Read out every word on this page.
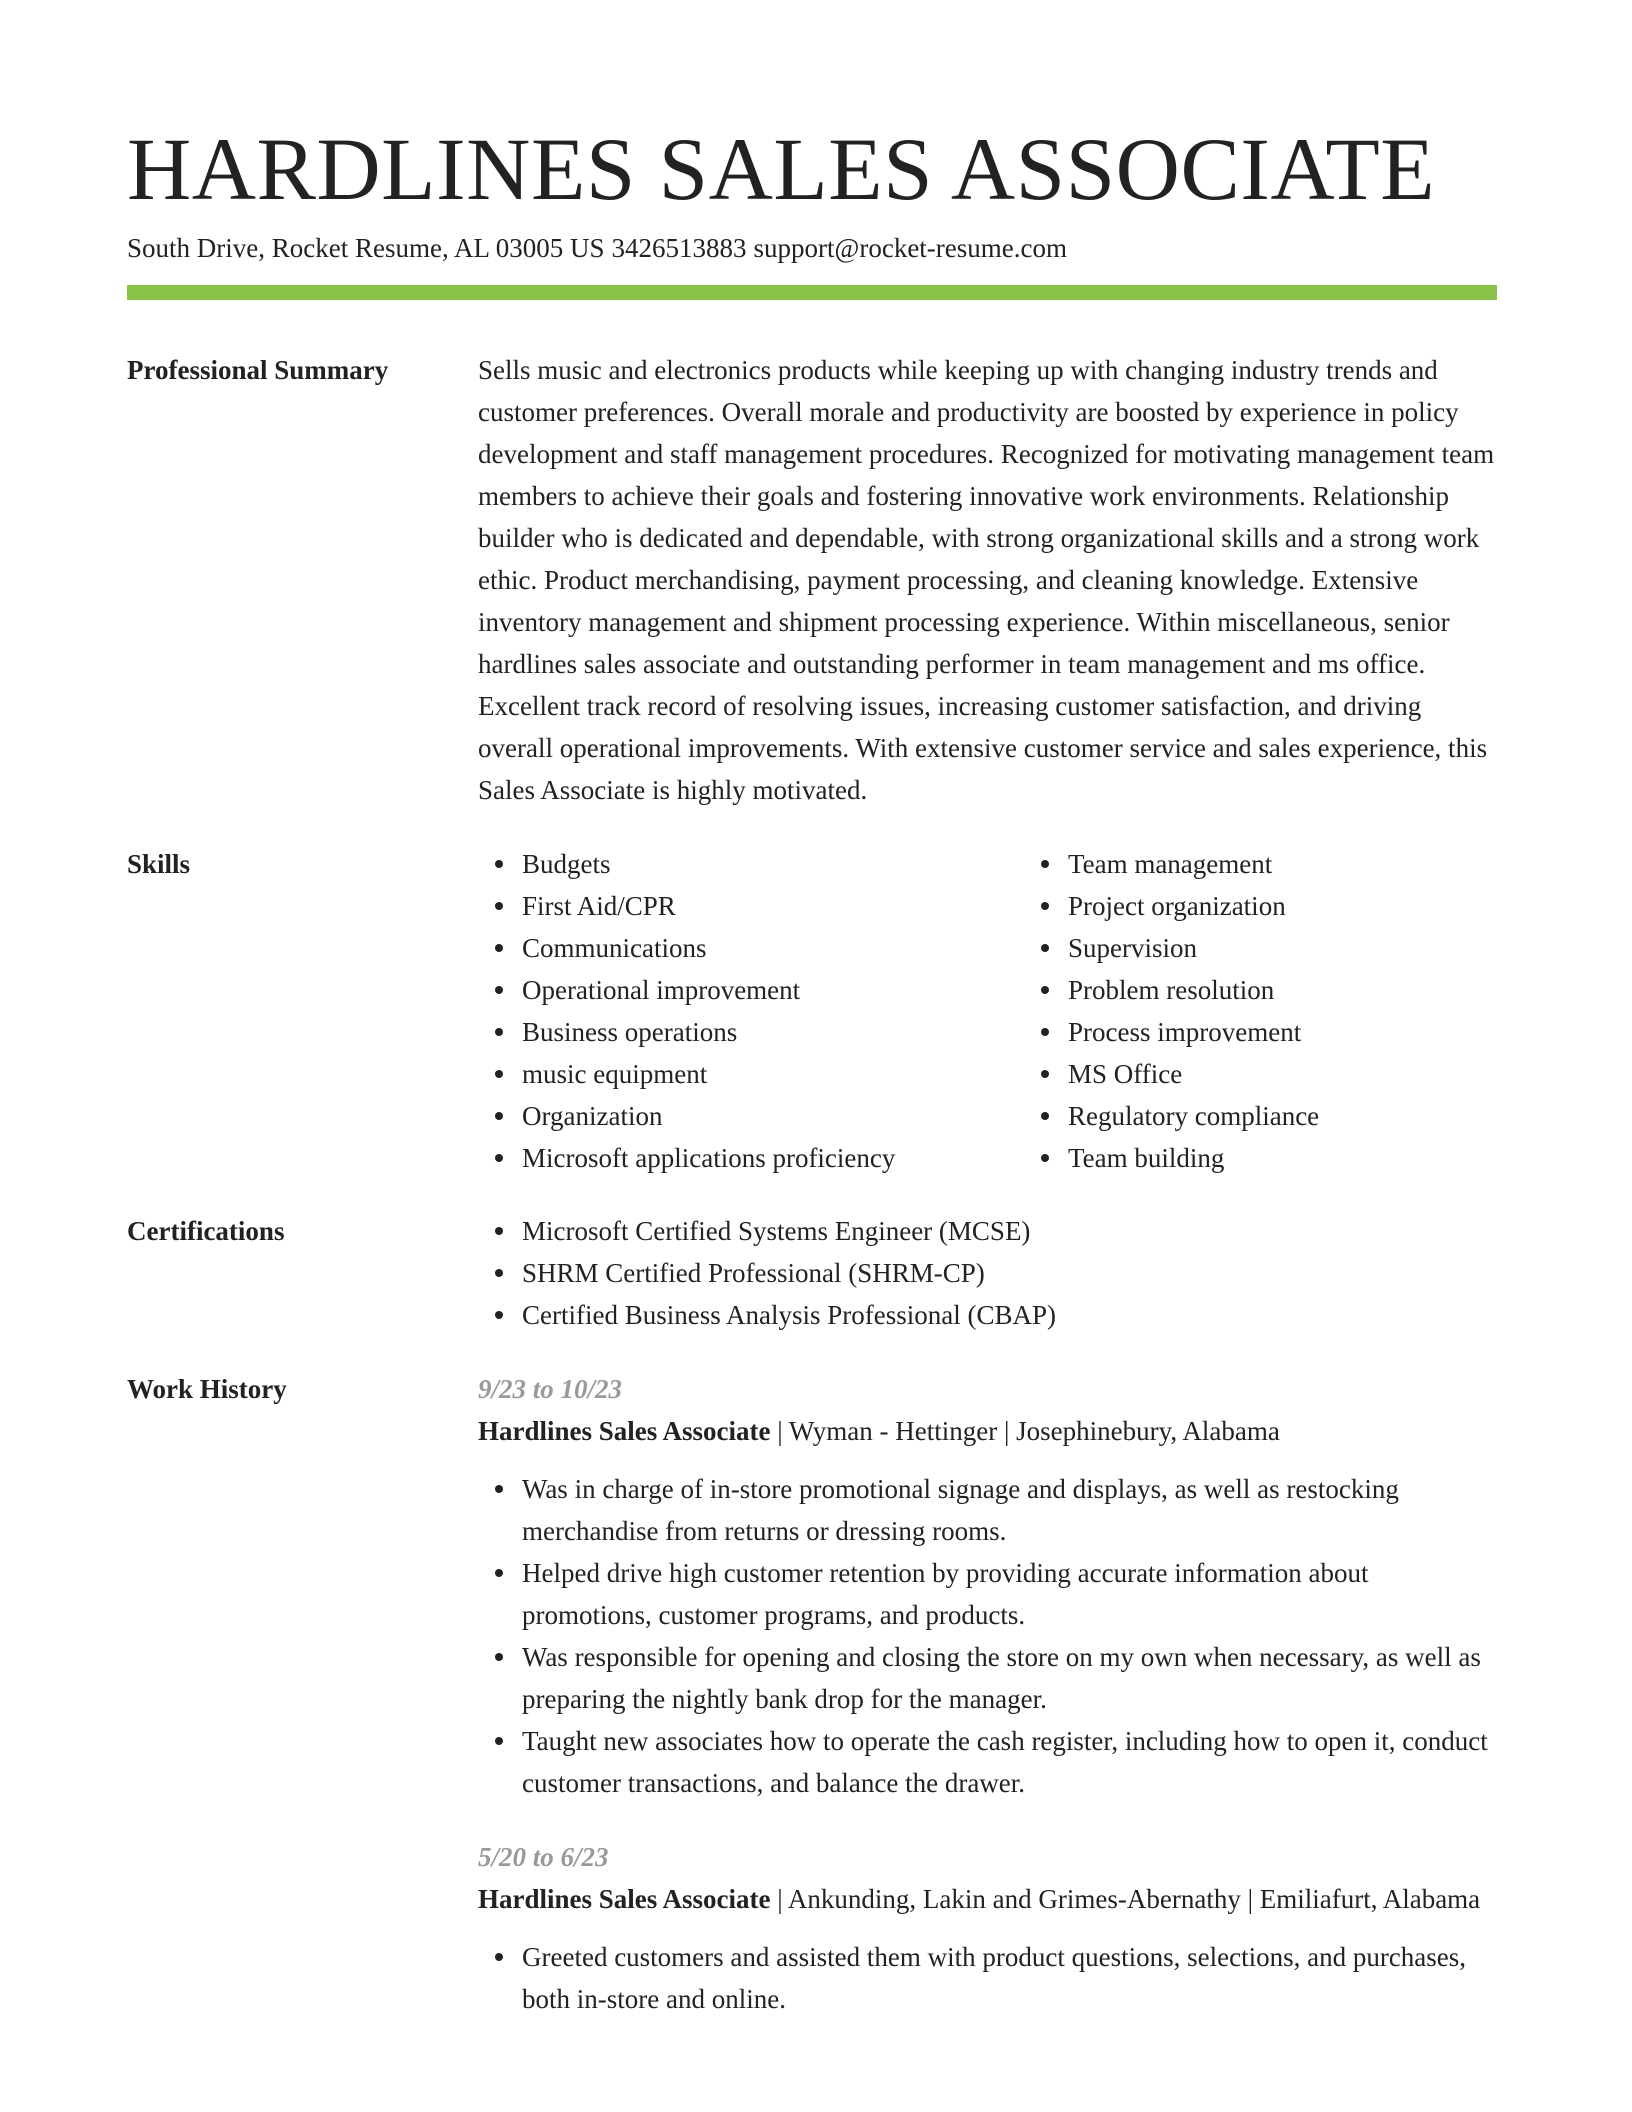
HARDLINES SALES ASSOCIATE
South Drive, Rocket Resume, AL 03005 US 3426513883 support@rocket-resume.com
Professional Summary	Sells music and electronics products while keeping up with changing industry trends and customer preferences. Overall morale and productivity are boosted by experience in policy development and staff management procedures. Recognized for motivating management team members to achieve their goals and fostering innovative work environments. Relationship builder who is dedicated and dependable, with strong organizational skills and a strong work ethic. Product merchandising, payment processing, and cleaning knowledge. Extensive inventory management and shipment processing experience. Within miscellaneous, senior hardlines sales associate and outstanding performer in team management and ms office. Excellent track record of resolving issues, increasing customer satisfaction, and driving overall operational improvements. With extensive customer service and sales experience, this Sales Associate is highly motivated.
Skills	Budgets
First Aid/CPR
Communications
Operational improvement
Business operations
music equipment
Organization
Microsoft applications proficiency
Team management
Project organization
Supervision
Problem resolution
Process improvement
MS Office
Regulatory compliance
Team building
Certifications	Microsoft Certified Systems Engineer (MCSE)
SHRM Certified Professional (SHRM-CP)
Certified Business Analysis Professional (CBAP)
Work History	9/23 to 10/23
Hardlines Sales Associate | Wyman - Hettinger | Josephinebury, Alabama
Was in charge of in-store promotional signage and displays, as well as restocking merchandise from returns or dressing rooms.
Helped drive high customer retention by providing accurate information about promotions, customer programs, and products.
Was responsible for opening and closing the store on my own when necessary, as well as preparing the nightly bank drop for the manager.
Taught new associates how to operate the cash register, including how to open it, conduct customer transactions, and balance the drawer.
5/20 to 6/23
Hardlines Sales Associate | Ankunding, Lakin and Grimes-Abernathy | Emiliafurt, Alabama
Greeted customers and assisted them with product questions, selections, and purchases, both in-store and online.
